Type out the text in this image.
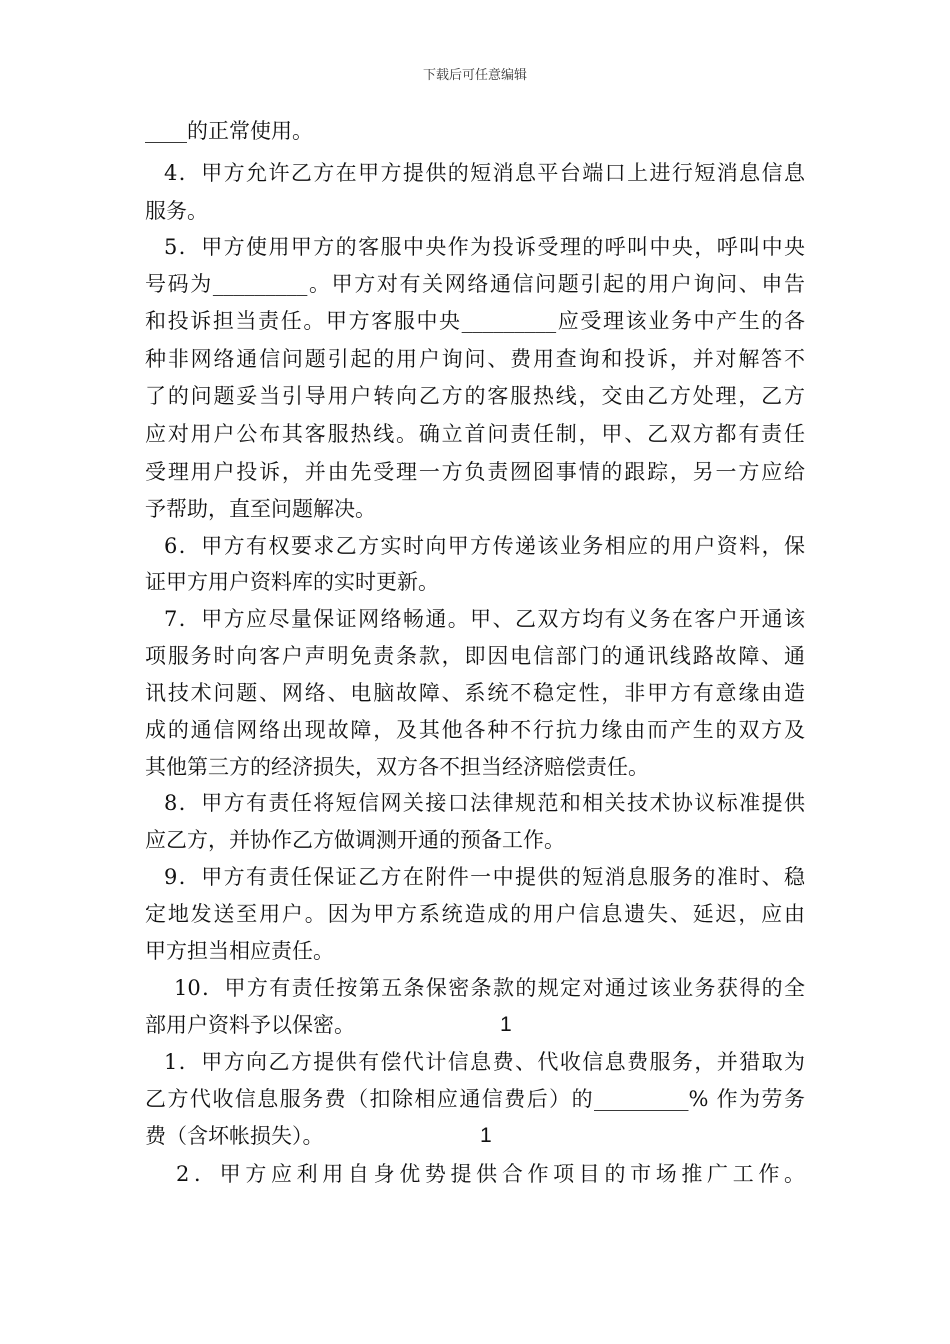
下载后可任意编辑
____的正常使用。
4．甲方允许乙方在甲方提供的短消息平台端口上进行短消息信息
服务。
5．甲方使用甲方的客服中央作为投诉受理的呼叫中央，呼叫中央
号码为_________。甲方对有关网络通信问题引起的用户询问、申告
和投诉担当责任。甲方客服中央_________应受理该业务中产生的各
种非网络通信问题引起的用户询问、费用查询和投诉，并对解答不
了的问题妥当引导用户转向乙方的客服热线，交由乙方处理，乙方
应对用户公布其客服热线。确立首问责任制，甲、乙双方都有责任
受理用户投诉，并由先受理一方负责囫囵事情的跟踪，另一方应给
予帮助，直至问题解决。
6．甲方有权要求乙方实时向甲方传递该业务相应的用户资料，保
证甲方用户资料库的实时更新。
7．甲方应尽量保证网络畅通。甲、乙双方均有义务在客户开通该
项服务时向客户声明免责条款，即因电信部门的通讯线路故障、通
讯技术问题、网络、电脑故障、系统不稳定性，非甲方有意缘由造
成的通信网络出现故障，及其他各种不行抗力缘由而产生的双方及
其他第三方的经济损失，双方各不担当经济赔偿责任。
8．甲方有责任将短信网关接口法律规范和相关技术协议标准提供
应乙方，并协作乙方做调测开通的预备工作。
9．甲方有责任保证乙方在附件一中提供的短消息服务的准时、稳
定地发送至用户。因为甲方系统造成的用户信息遗失、延迟，应由
甲方担当相应责任。
10．甲方有责任按第五条保密条款的规定对通过该业务获得的全
部用户资料予以保密。	1
1．甲方向乙方提供有偿代计信息费、代收信息费服务，并猎取为
乙方代收信息服务费（扣除相应通信费后）的_________% 作为劳务
费（含坏帐损失）。	1
2．甲方应利用自身优势提供合作项目的市场推广工作。
